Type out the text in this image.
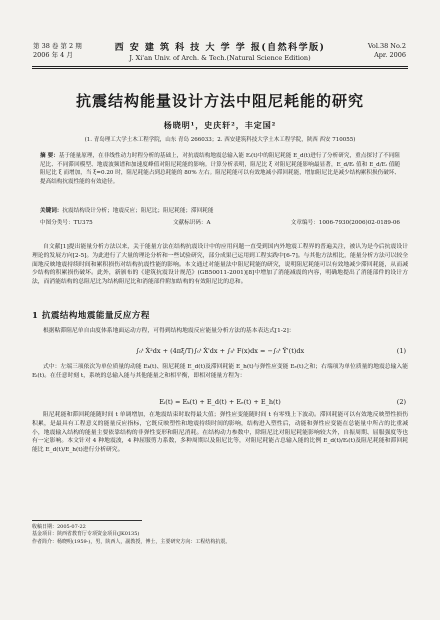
第 38 卷 第 2 期
2006 年 4 月
西 安 建 筑 科 技 大 学 学 报(自然科学版)
J. Xi'an Univ. of Arch. & Tech.(Natural Science Edition)
Vol.38 No.2
Apr. 2006
抗震结构能量设计方法中阻尼耗能的研究
杨晓明¹，史庆轩²，丰定国²
(1. 青岛理工大学土木工程学院，山东 青岛 266033；2. 西安建筑科技大学土木工程学院，陕西 西安 710055)
摘 要：基于能量原理，在非线性动力时程分析的基础上，对抗震结构地震总输入能 Eᵢ(t)中的阻尼耗能 E_d(t)进行了分析研究，重点探讨了不同阻尼比、不同滞回模型、地震波频谱和加速度峰值对阻尼耗能的影响。计算分析表明，阻尼比 ξ 对阻尼耗能影响最显著，E_d/Eᵢ 值和 E_d/Eᵢ 值随阻尼比 ξ 而增加，当 ξ=0.20 时，阻尼耗能占到总耗能的 80% 左右。阻尼耗能可以有效地减小滞回耗能，增加阻尼比是减少结构累积损伤破坏、提高结构抗震性能的有效途径。
关键词：抗震结构设计分析；地震反应；阻尼比；阻尼耗能；滞回耗能
中图分类号：TU375	文献标识码：A	文章编号：1006-7930(2006)02-0189-06
自文献[1]提出能量分析方法以来，关于能量方法在结构抗震设计中的应用问题一直受到国内外地震工程界的普遍关注，被认为是今后抗震设计理论的发展方向[2-5]。为此进行了大量的理论分析和一些试验研究，部分成果已运用到工程实践中[6-7]。与其他方法相比，能量分析方法可以较全面地反映地震持续时间和累积损伤对结构抗震性能的影响。本文通过对能量法中阻尼耗能的研究，说明阻尼耗能可以有效地减少滞回耗能，从而减少结构的积累损伤破坏。此外，新颁布的《建筑抗震设计规范》(GB50011-2001)[8]中增加了消能减震的内容，明确地提出了消能部件的设计方法，而消能结构的总阻尼比为结构阻尼比和消能部件附加结构的有效阻尼比的总和。
1 抗震结构地震能量反应方程
根据粘滞阻尼单自由度体系地面运动方程，可得到结构地震反应能量分析方法的基本表达式[1-2]：
∫₀ᵗ Ẋ²dx + (4πξ/T)∫₀ᵗ Ẋ'dx + ∫₀ᵗ F(x)dx = −∫₀ᵗ Ÿ'(t)dx	(1)
式中：左端三项依次为单位质量的动能 Eₖ(t)、阻尼耗能 E_d(t)及滞回耗能 E_h(t)与弹性应变能 Eₑ(t)之和；右端项为单位质量的地震总输入能 Eᵢ(t)。在任意时刻 t，系统的总输入能与其他能量之和相平衡，即相对能量方程为：
Eᵢ(t) = Eₖ(t) + E_d(t) + Eₑ(t) + E_h(t)	(2)
阻尼耗能和滞回耗能随时间 t 单调增加，在地震结束时取得最大值；弹性应变能随时间 t 有零残上下波动。滞回耗能可以有效地反映塑性损伤积累，是最具有工程意义的能量反应指标，它既反映塑性和地震持续时间的影响，结构进入塑性后，动能和弹性应变能在总能量中所占的比重减小，地震输入结构的能量主要依靠结构的非弹性变形和阻尼消耗。在结构动力参数中，除阻尼比对阻尼耗能影响较大外，自振周期、屈服强度等也有一定影响。本文针对 4 种地震波，4 种屈服剪力系数，多种周期以及阻尼比等，对阻尼耗能占总输入能的比例 E_d(t)/Eᵢ(t)及阻尼耗能和滞回耗能比 E_d(t)/E_h(t)进行分析研究。
收稿日期：2005-07-22
基金项目：陕西省教育厅专项资金项目(JK0135)
作者简介：杨晓明(1959-)，男，陕西人，副教授，博士，主要研究方向：工程结构抗震。
